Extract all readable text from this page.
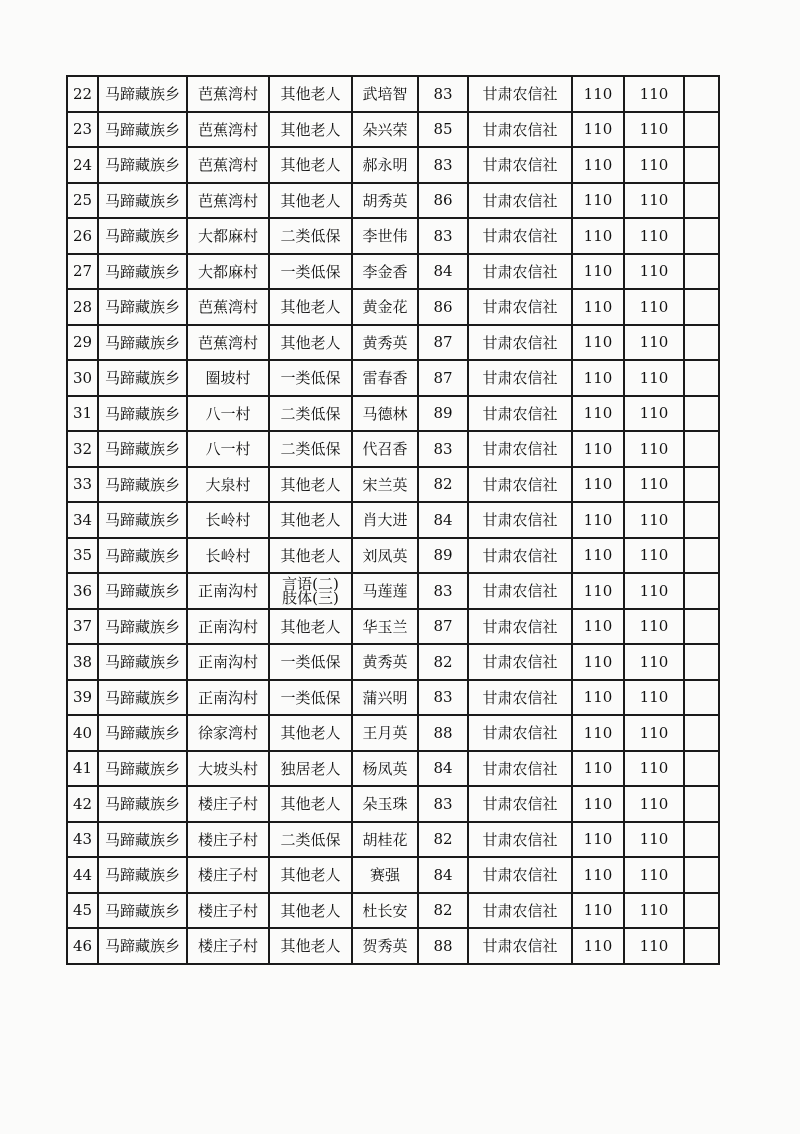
22	马蹄藏族乡	芭蕉湾村	其他老人	武培智	83	甘肃农信社	110	110	
23	马蹄藏族乡	芭蕉湾村	其他老人	朵兴荣	85	甘肃农信社	110	110	
24	马蹄藏族乡	芭蕉湾村	其他老人	郝永明	83	甘肃农信社	110	110	
25	马蹄藏族乡	芭蕉湾村	其他老人	胡秀英	86	甘肃农信社	110	110	
26	马蹄藏族乡	大都麻村	二类低保	李世伟	83	甘肃农信社	110	110	
27	马蹄藏族乡	大都麻村	一类低保	李金香	84	甘肃农信社	110	110	
28	马蹄藏族乡	芭蕉湾村	其他老人	黄金花	86	甘肃农信社	110	110	
29	马蹄藏族乡	芭蕉湾村	其他老人	黄秀英	87	甘肃农信社	110	110	
30	马蹄藏族乡	圈坡村	一类低保	雷春香	87	甘肃农信社	110	110	
31	马蹄藏族乡	八一村	二类低保	马德林	89	甘肃农信社	110	110	
32	马蹄藏族乡	八一村	二类低保	代召香	83	甘肃农信社	110	110	
33	马蹄藏族乡	大泉村	其他老人	宋兰英	82	甘肃农信社	110	110	
34	马蹄藏族乡	长岭村	其他老人	肖大进	84	甘肃农信社	110	110	
35	马蹄藏族乡	长岭村	其他老人	刘凤英	89	甘肃农信社	110	110	
36	马蹄藏族乡	正南沟村	言语(二)
肢体(三)	马莲莲	83	甘肃农信社	110	110	
37	马蹄藏族乡	正南沟村	其他老人	华玉兰	87	甘肃农信社	110	110	
38	马蹄藏族乡	正南沟村	一类低保	黄秀英	82	甘肃农信社	110	110	
39	马蹄藏族乡	正南沟村	一类低保	蒲兴明	83	甘肃农信社	110	110	
40	马蹄藏族乡	徐家湾村	其他老人	王月英	88	甘肃农信社	110	110	
41	马蹄藏族乡	大坡头村	独居老人	杨凤英	84	甘肃农信社	110	110	
42	马蹄藏族乡	楼庄子村	其他老人	朵玉珠	83	甘肃农信社	110	110	
43	马蹄藏族乡	楼庄子村	二类低保	胡桂花	82	甘肃农信社	110	110	
44	马蹄藏族乡	楼庄子村	其他老人	赛强	84	甘肃农信社	110	110	
45	马蹄藏族乡	楼庄子村	其他老人	杜长安	82	甘肃农信社	110	110	
46	马蹄藏族乡	楼庄子村	其他老人	贺秀英	88	甘肃农信社	110	110	
